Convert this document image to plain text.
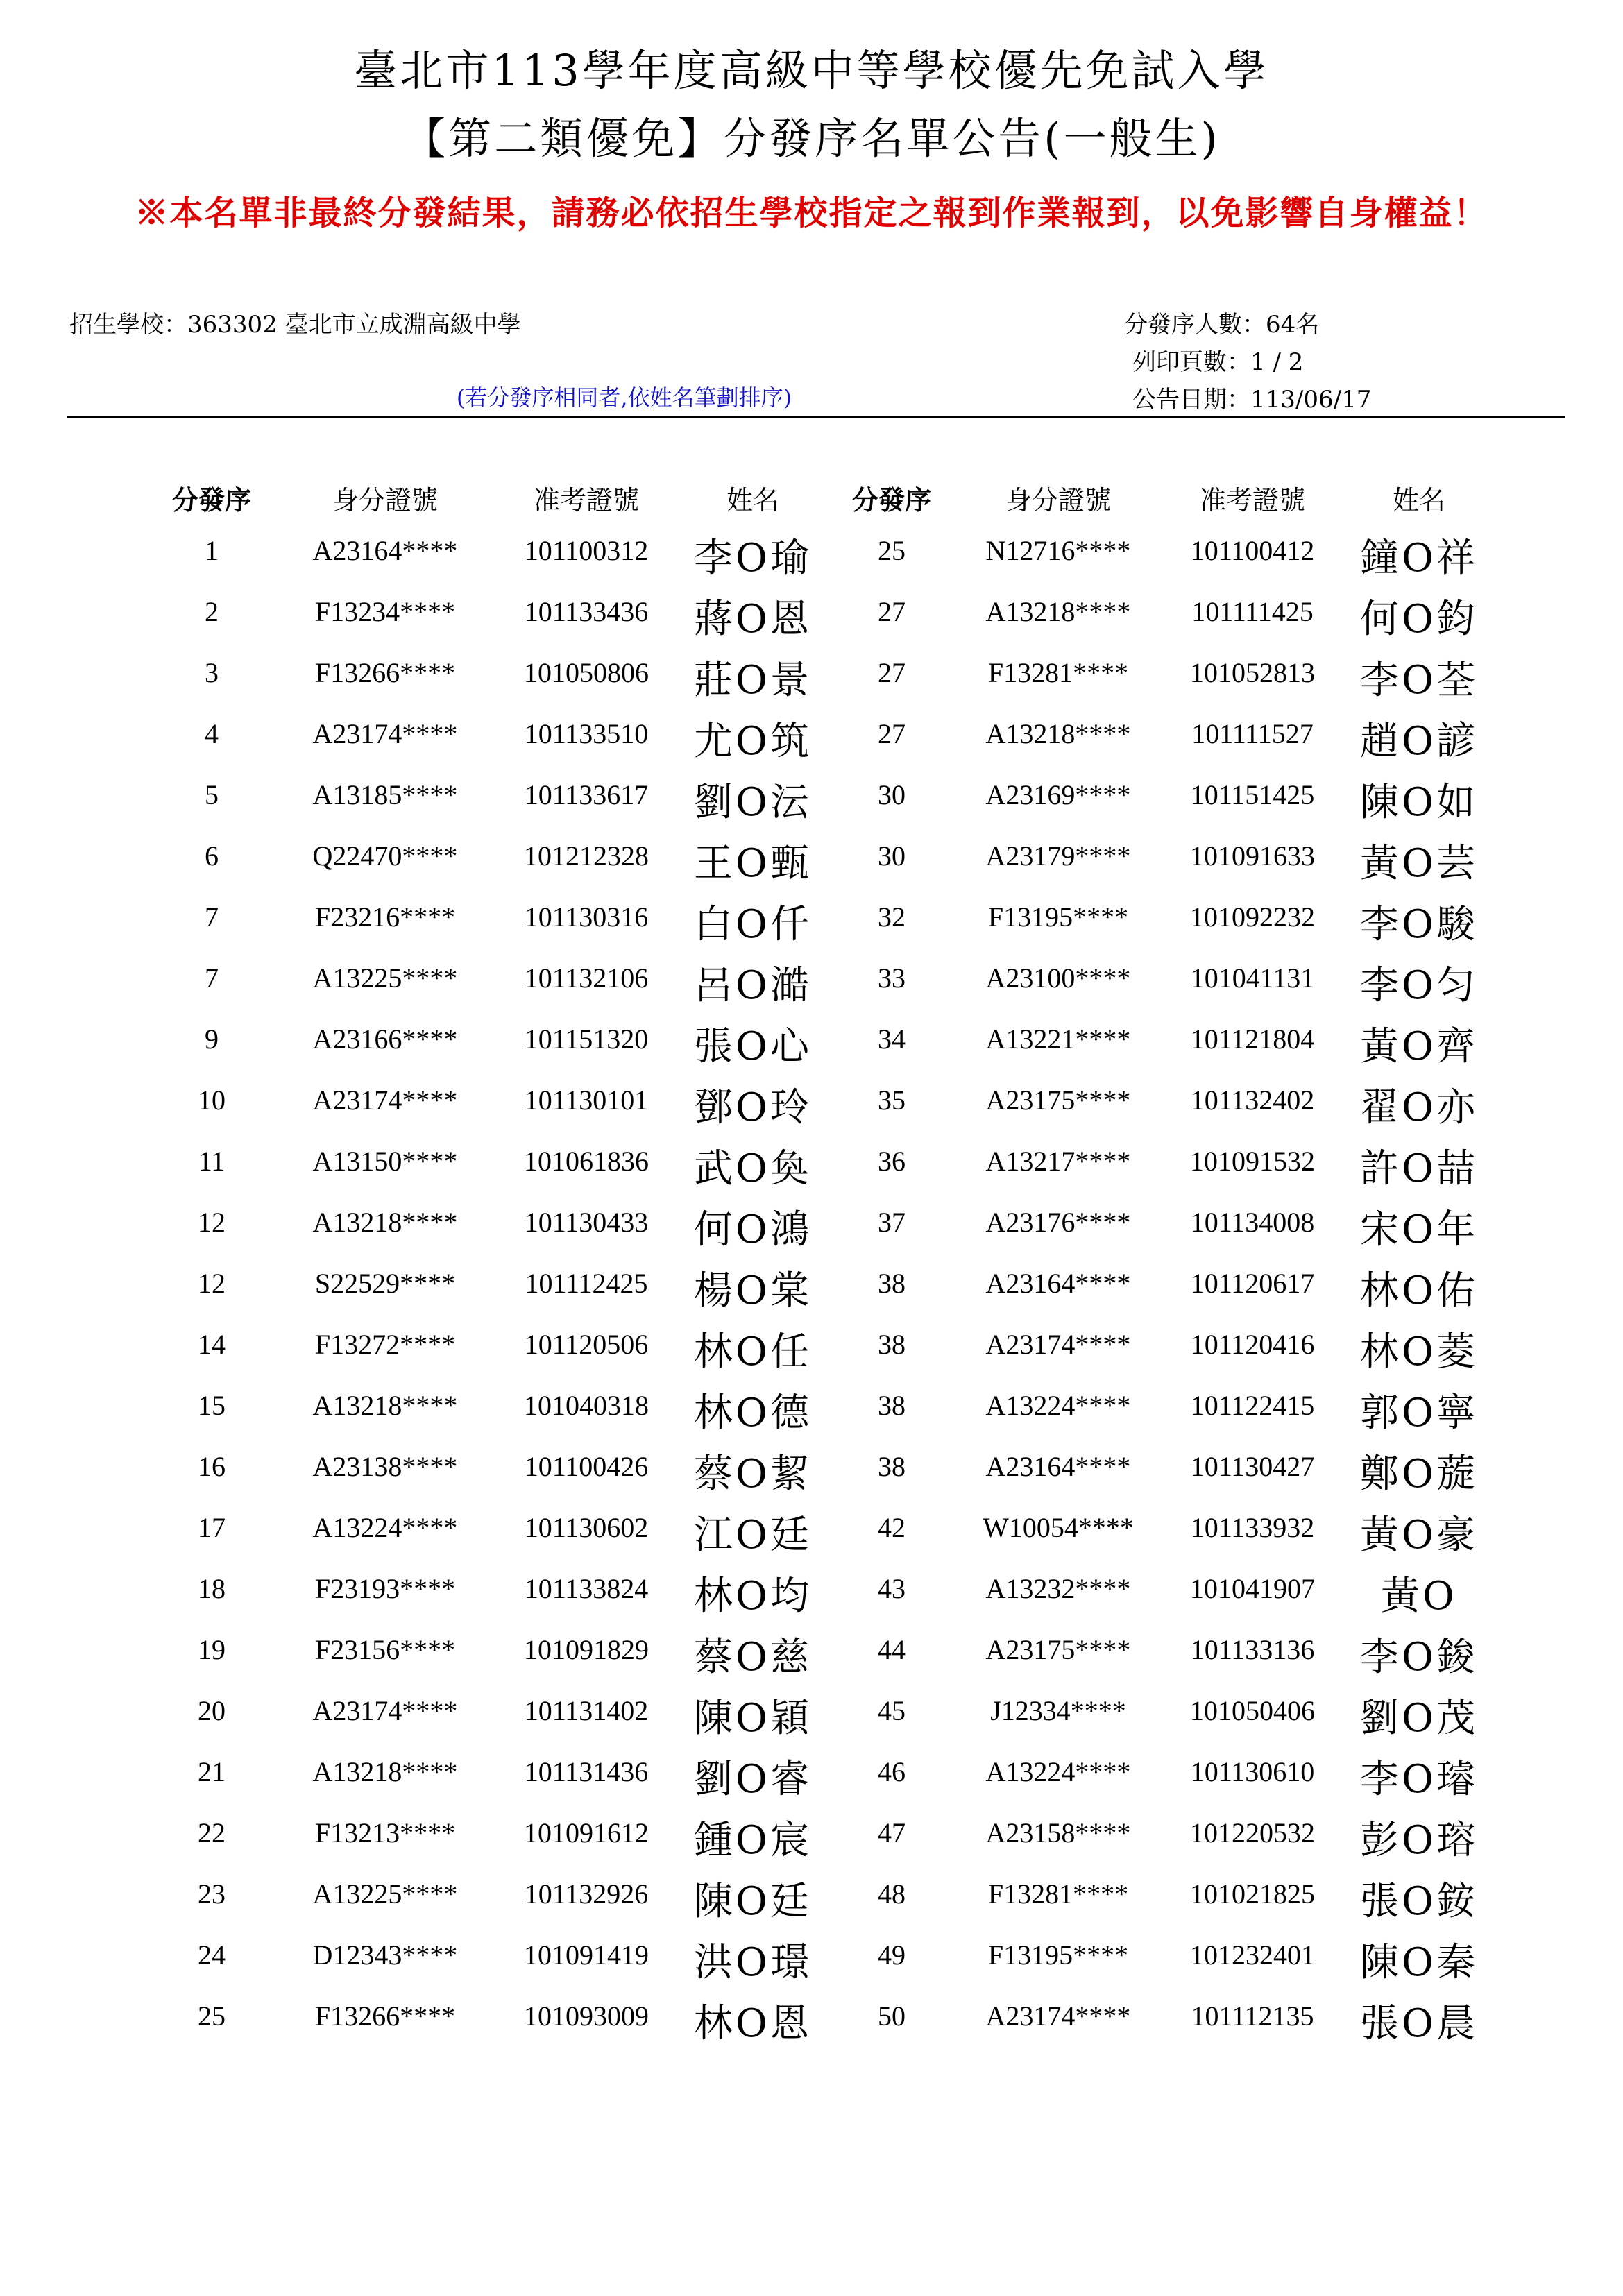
臺北市113學年度高級中等學校優先免試入學
【第二類優免】分發序名單公告(一般生)
※本名單非最終分發結果，請務必依招生學校指定之報到作業報到，以免影響自身權益！
招生學校：363302 臺北市立成淵高級中學	分發序人數：64名
列印頁數：1 / 2
(若分發序相同者,依姓名筆劃排序)	公告日期：113/06/17
分發序	身分證號	准考證號	姓名	分發序	身分證號	准考證號	姓名
1	A23164****	101100312	李O瑜	25	N12716****	101100412	鐘O祥
2	F13234****	101133436	蔣O恩	27	A13218****	101111425	何O鈞
3	F13266****	101050806	莊O景	27	F13281****	101052813	李O荃
4	A23174****	101133510	尤O筑	27	A13218****	101111527	趙O諺
5	A13185****	101133617	劉O沄	30	A23169****	101151425	陳O如
6	Q22470****	101212328	王O甄	30	A23179****	101091633	黃O芸
7	F23216****	101130316	白O仟	32	F13195****	101092232	李O駿
7	A13225****	101132106	呂O澔	33	A23100****	101041131	李O匀
9	A23166****	101151320	張O心	34	A13221****	101121804	黃O齊
10	A23174****	101130101	鄧O玲	35	A23175****	101132402	翟O亦
11	A13150****	101061836	武O奐	36	A13217****	101091532	許O喆
12	A13218****	101130433	何O鴻	37	A23176****	101134008	宋O年
12	S22529****	101112425	楊O棠	38	A23164****	101120617	林O佑
14	F13272****	101120506	林O任	38	A23174****	101120416	林O菱
15	A13218****	101040318	林O德	38	A13224****	101122415	郭O寧
16	A23138****	101100426	蔡O絜	38	A23164****	101130427	鄭O蔙
17	A13224****	101130602	江O廷	42	W10054****	101133932	黃O豪
18	F23193****	101133824	林O均	43	A13232****	101041907	黃O
19	F23156****	101091829	蔡O慈	44	A23175****	101133136	李O鋑
20	A23174****	101131402	陳O穎	45	J12334****	101050406	劉O茂
21	A13218****	101131436	劉O睿	46	A13224****	101130610	李O璿
22	F13213****	101091612	鍾O宸	47	A23158****	101220532	彭O瑢
23	A13225****	101132926	陳O廷	48	F13281****	101021825	張O銨
24	D12343****	101091419	洪O璟	49	F13195****	101232401	陳O秦
25	F13266****	101093009	林O恩	50	A23174****	101112135	張O晨
